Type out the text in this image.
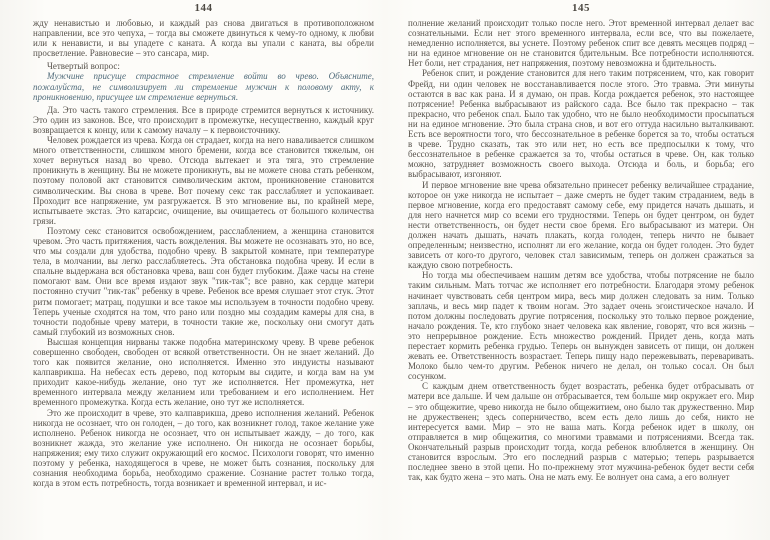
144

жду ненавистью и любовью, и каждый раз снова двигаться в противоположном направлении, все это чепуха, – тогда вы сможете двинуться к чему-то одному, к любви или к ненависти, и вы упадете с каната. А когда вы упали с каната, вы обрели просветление. Равновесие – это сансара, мир.

Четвертый вопрос:

Мужчине присуще страстное стремление войти во чрево. Объясните, пожалуйста, не символизирует ли стремление мужчин к половому акту, к проникновению, присущее им стремление вернуться.

Да. Это часть такого стремления. Все в природе стремится вернуться к источнику. Это один из законов. Все, что происходит в промежутке, несущественно, каждый круг возвращается к концу, или к самому началу – к первоисточнику.

Человек рождается из чрева. Когда он страдает, когда на него наваливается слишком много ответственности, слишком много бремени, когда все становится тяжелым, он хочет вернуться назад во чрево. Отсюда вытекает и эта тяга, это стремление проникнуть в женщину. Вы не можете проникнуть, вы не можете снова стать ребенком, поэтому половой акт становится символическим актом, проникновение становится символическим. Вы снова в чреве. Вот почему секс так расслабляет и успокаивает. Проходит все напряжение, ум разгружается. В это мгновение вы, по крайней мере, испытываете экстаз. Это катарсис, очищение, вы очищаетесь от большого количества грязи.

Поэтому секс становится освобождением, расслаблением, а женщина становится чревом. Это часть притяжения, часть вожделения. Вы можете не осознавать это, но все, что мы создали для удобства, подобно чреву. В закрытой комнате, при температуре тела, в молчании, вы легко расслабляетесь. Эта обстановка подобна чреву. И если в спальне выдержана вся обстановка чрева, ваш сон будет глубоким. Даже часы на стене помогают вам. Они все время издают звук "тик-так"; все равно, как сердце матери постоянно стучит "тик-так" ребенку в чреве. Ребенок все время слушает этот стук. Этот ритм помогает; матрац, подушки и все такое мы используем в точности подобно чреву. Теперь ученые сходятся на том, что рано или поздно мы создадим камеры для сна, в точности подобные чреву матери, в точности такие же, поскольку они смогут дать самый глубокий из возможных снов.

Высшая концепция нирваны также подобна материнскому чреву. В чреве ребенок совершенно свободен, свободен от всякой ответственности. Он не знает желаний. До того как появится желание, оно исполняется. Именно это индуисты называют калпаврикша. На небесах есть дерево, под которым вы сидите, и когда вам на ум приходит какое-нибудь желание, оно тут же исполняется. Нет промежутка, нет временного интервала между желанием или требованием и его исполнением. Нет временного промежутка. Когда есть желание, оно тут же исполняется.

Это же происходит в чреве, это калпаврикша, древо исполнения желаний. Ребенок никогда не осознает, что он голоден, – до того, как возникнет голод, такое желание уже исполнено. Ребенок никогда не осознает, что он испытывает жажду, – до того, как возникнет жажда, это желание уже исполнено. Он никогда не осознает борьбы, напряжения; ему тихо служит окружающий его космос. Психологи говорят, что именно поэтому у ребенка, находящегося в чреве, не может быть сознания, поскольку для сознания необходима борьба, необходимо сражение. Сознание растет только тогда, когда в этом есть потребность, тогда возникает и временной интервал, и ис-

145

полнение желаний происходит только после него. Этот временной интервал делает вас сознательными. Если нет этого временного интервала, если все, что вы пожелаете, немедленно исполняется, вы уснете. Поэтому ребенок спит все девять месяцев подряд – ни на единое мгновение он не становится бдительным. Все потребности исполняются. Нет боли, нет страдания, нет напряжения, поэтому невозможна и бдительность.

Ребенок спит, и рождение становится для него таким потрясением, что, как говорит Фрейд, ни один человек не восстанавливается после этого. Это травма. Эти минуты остаются в вас как рана. И я думаю, он прав. Когда рождается ребенок, это настоящее потрясение! Ребенка выбрасывают из райского сада. Все было так прекрасно – так прекрасно, что ребенок спал. Было так удобно, что не было необходимости просыпаться ни на единое мгновение. Это была страна снов, и вот его оттуда насильно выталкивают. Есть все вероятности того, что бессознательное в ребенке борется за то, чтобы остаться в чреве. Трудно сказать, так это или нет, но есть все предпосылки к тому, что бессознательное в ребенке сражается за то, чтобы остаться в чреве. Он, как только можно, затрудняет возможность своего выхода. Отсюда и боль, и борьба; его выбрасывают, изгоняют.

И первое мгновение вне чрева обязательно принесет ребенку величайшее страдание, которое он уже никогда не испытает – даже смерть не будет таким страданием, ведь в первое мгновение, когда его предоставят самому себе, ему придется начать дышать, и для него начнется мир со всеми его трудностями. Теперь он будет центром, он будет нести ответственность, он будет нести свое бремя. Его выбрасывают из матери. Он должен начать дышать, начать плакать, когда голоден, теперь ничто не бывает определенным; неизвестно, исполнят ли его желание, когда он будет голоден. Это будет зависеть от кого-то другого, человек стал зависимым, теперь он должен сражаться за каждую свою потребность.

Но тогда мы обеспечиваем нашим детям все удобства, чтобы потрясение не было таким сильным. Мать тотчас же исполняет его потребности. Благодаря этому ребенок начинает чувствовать себя центром мира, весь мир должен следовать за ним. Только заплачь, и весь мир падет к твоим ногам. Это задает очень эгоистическое начало. И потом должны последовать другие потрясения, поскольку это только первое рождение, начало рождения. Те, кто глубоко знает человека как явление, говорят, что вся жизнь – это непрерывное рождение. Есть множество рождений. Придет день, когда мать перестает кормить ребенка грудью. Теперь он вынужден зависеть от пищи, он должен жевать ее. Ответственность возрастает. Теперь пищу надо пережевывать, переваривать. Молоко было чем-то другим. Ребенок ничего не делал, он только сосал. Он был сосунком.

С каждым днем ответственность будет возрастать, ребенка будет отбрасывать от матери все дальше. И чем дальше он отбрасывается, тем больше мир окружает его. Мир – это общежитие, чрево никогда не было общежитием, оно было так дружественно. Мир не дружественен; здесь соперничество, всем есть дело лишь до себя, никто не интересуется вами. Мир – это не ваша мать. Когда ребенок идет в школу, он отправляется в мир общежития, со многими травмами и потрясениями. Всегда так. Окончательный разрыв происходит тогда, когда ребенок влюбляется в женщину. Он становится взрослым. Это его последний разрыв с матерью; теперь разрывается последнее звено в этой цепи. Но по-прежнему этот мужчина-ребенок будет вести себя так, как будто жена – это мать. Она не мать ему. Ее волнует она сама, а его волнует
